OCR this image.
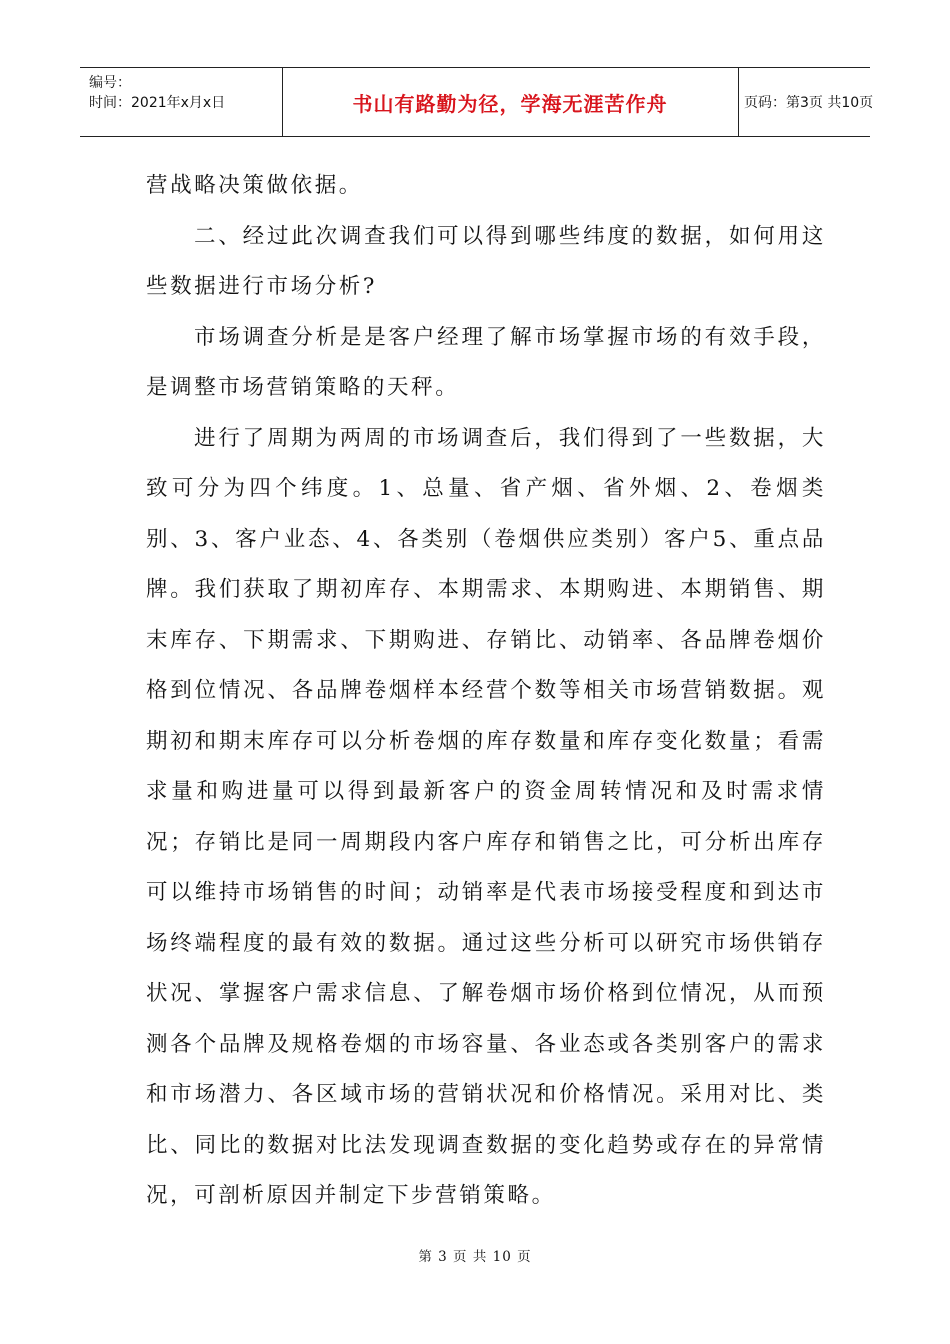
编号：
时间：2021年x月x日	书山有路勤为径，学海无涯苦作舟	页码：第3页 共10页

营战略决策做依据。

二、经过此次调查我们可以得到哪些纬度的数据，如何用这些数据进行市场分析?

市场调查分析是是客户经理了解市场掌握市场的有效手段，是调整市场营销策略的天秤。

进行了周期为两周的市场调查后，我们得到了一些数据，大致可分为四个纬度。1、总量、省产烟、省外烟、2、卷烟类别、3、客户业态、4、各类别（卷烟供应类别）客户5、重点品牌。我们获取了期初库存、本期需求、本期购进、本期销售、期末库存、下期需求、下期购进、存销比、动销率、各品牌卷烟价格到位情况、各品牌卷烟样本经营个数等相关市场营销数据。观期初和期末库存可以分析卷烟的库存数量和库存变化数量；看需求量和购进量可以得到最新客户的资金周转情况和及时需求情况；存销比是同一周期段内客户库存和销售之比，可分析出库存可以维持市场销售的时间；动销率是代表市场接受程度和到达市场终端程度的最有效的数据。通过这些分析可以研究市场供销存状况、掌握客户需求信息、了解卷烟市场价格到位情况，从而预测各个品牌及规格卷烟的市场容量、各业态或各类别客户的需求和市场潜力、各区域市场的营销状况和价格情况。采用对比、类比、同比的数据对比法发现调查数据的变化趋势或存在的异常情况，可剖析原因并制定下步营销策略。

第 3 页 共 10 页
